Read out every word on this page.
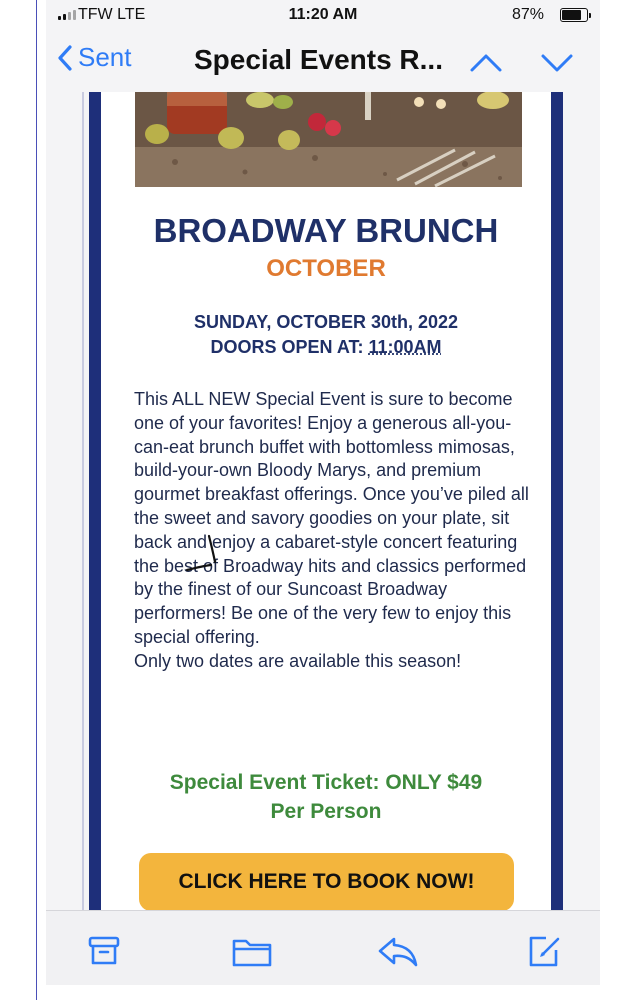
TFW LTE	11:20 AM	87%
Sent Special Events R...
BROADWAY BRUNCH
OCTOBER
SUNDAY, OCTOBER 30th, 2022
DOORS OPEN AT: 11:00AM

This ALL NEW Special Event is sure to become one of your favorites! Enjoy a generous all-you-can-eat brunch buffet with bottomless mimosas, build-your-own Bloody Marys, and premium gourmet breakfast offerings. Once you’ve piled all the sweet and savory goodies on your plate, sit back and enjoy a cabaret-style concert featuring the best of Broadway hits and classics performed by the finest of our Suncoast Broadway performers! Be one of the very few to enjoy this special offering.

Only two dates are available this season!

Special Event Ticket: ONLY $49
Per Person
CLICK HERE TO BOOK NOW!
